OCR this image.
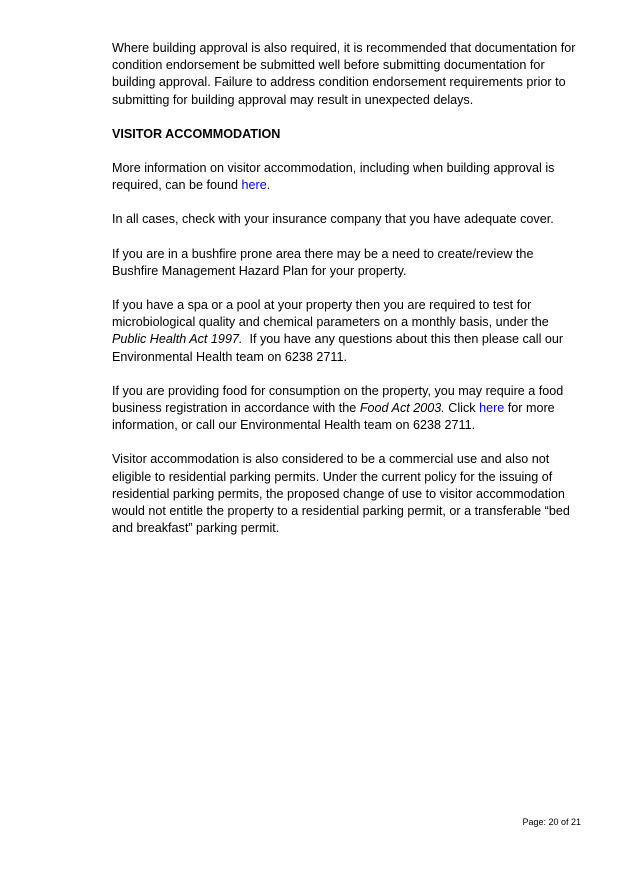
Where building approval is also required, it is recommended that documentation for condition endorsement be submitted well before submitting documentation for building approval. Failure to address condition endorsement requirements prior to submitting for building approval may result in unexpected delays.

VISITOR ACCOMMODATION

More information on visitor accommodation, including when building approval is required, can be found here.

In all cases, check with your insurance company that you have adequate cover.

If you are in a bushfire prone area there may be a need to create/review the Bushfire Management Hazard Plan for your property.

If you have a spa or a pool at your property then you are required to test for microbiological quality and chemical parameters on a monthly basis, under the Public Health Act 1997.  If you have any questions about this then please call our Environmental Health team on 6238 2711.

If you are providing food for consumption on the property, you may require a food business registration in accordance with the Food Act 2003. Click here for more information, or call our Environmental Health team on 6238 2711.

Visitor accommodation is also considered to be a commercial use and also not eligible to residential parking permits. Under the current policy for the issuing of residential parking permits, the proposed change of use to visitor accommodation would not entitle the property to a residential parking permit, or a transferable “bed and breakfast” parking permit.

Page: 20 of 21
